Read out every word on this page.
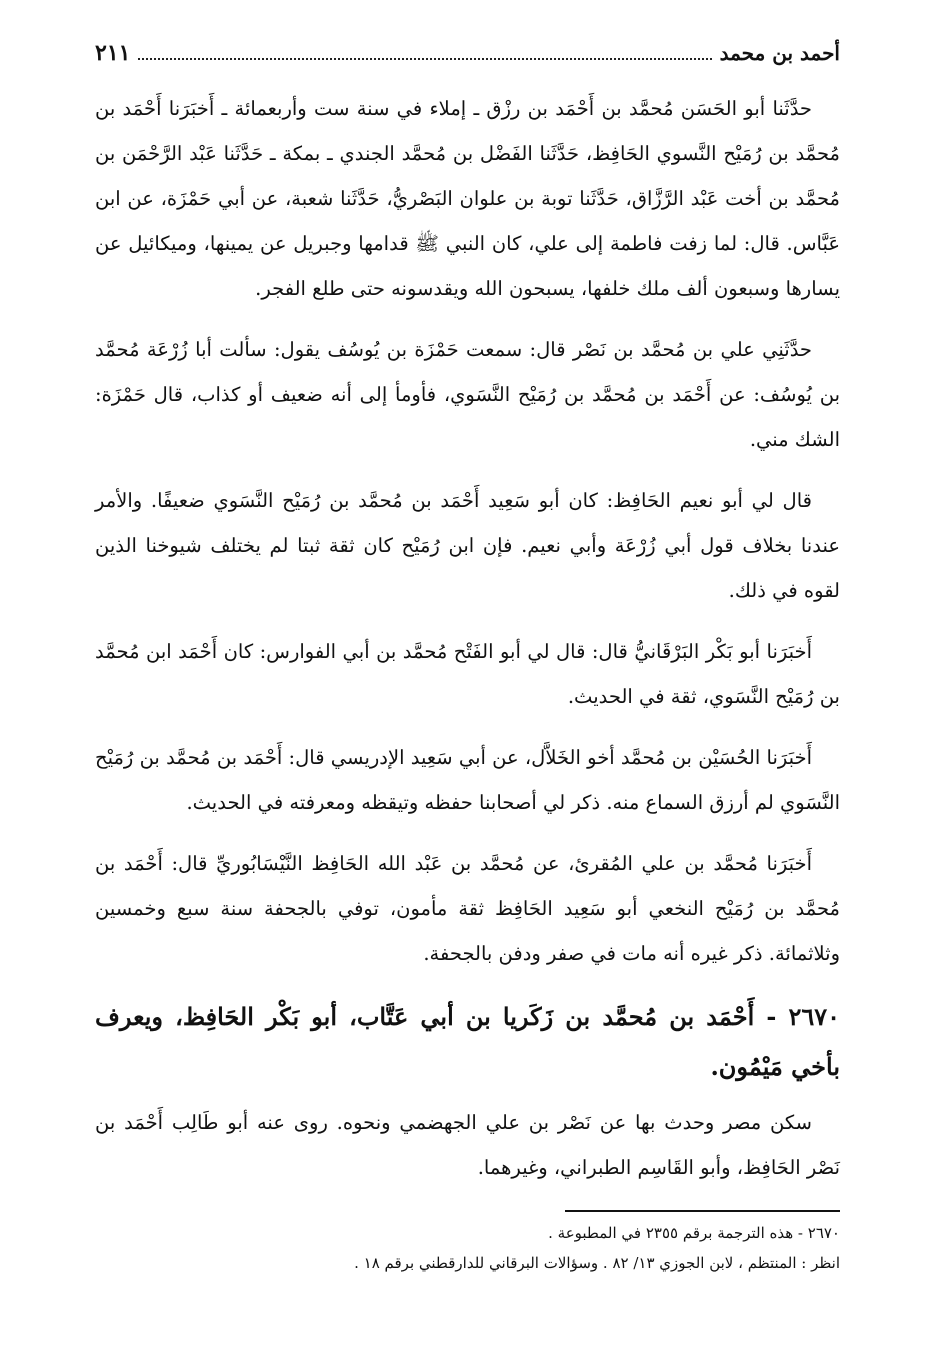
أحمد بن محمد
٢١١

حدَّثَنا أبو الحَسَن مُحمَّد بن أَحْمَد بن رزْق ـ إملاء في سنة ست وأربعمائة ـ أَخبَرَنا أَحْمَد بن مُحمَّد بن رُمَيْح النَّسوي الحَافِظ، حَدَّثَنا الفَضْل بن مُحمَّد الجندي ـ بمكة ـ حَدَّثَنا عَبْد الرَّحْمَن بن مُحمَّد بن أخت عَبْد الرَّزَّاق، حَدَّثَنا توبة بن علوان البَصْريُّ، حَدَّثَنا شعبة، عن أبي حَمْزَة، عن ابن عَبَّاس. قال: لما زفت فاطمة إلى علي، كان النبي ﷺ قدامها وجبريل عن يمينها، وميكائيل عن يسارها وسبعون ألف ملك خلفها، يسبحون الله ويقدسونه حتى طلع الفجر.

حدَّثَنِي علي بن مُحمَّد بن نَصْر قال: سمعت حَمْزَة بن يُوسُف يقول: سألت أبا زُرْعَة مُحمَّد بن يُوسُف: عن أَحْمَد بن مُحمَّد بن رُمَيْح النَّسَوي، فأومأ إلى أنه ضعيف أو كذاب، قال حَمْزَة: الشك مني.

قال لي أبو نعيم الحَافِظ: كان أبو سَعِيد أَحْمَد بن مُحمَّد بن رُمَيْح النَّسَوي ضعيفًا. والأمر عندنا بخلاف قول أبي زُرْعَة وأبي نعيم. فإن ابن رُمَيْح كان ثقة ثبتا لم يختلف شيوخنا الذين لقوه في ذلك.

أَخبَرَنا أبو بَكْر البَرْقَانيُّ قال: قال لي أبو الفَتْح مُحمَّد بن أبي الفوارس: كان أَحْمَد ابن مُحمَّد بن رُمَيْح النَّسَوي، ثقة في الحديث.

أَخبَرَنا الحُسَيْن بن مُحمَّد أخو الخَلاَّل، عن أبي سَعِيد الإدريسي قال: أَحْمَد بن مُحمَّد بن رُمَيْح النَّسَوي لم أرزق السماع منه. ذكر لي أصحابنا حفظه وتيقظه ومعرفته في الحديث.

أَخبَرَنا مُحمَّد بن علي المُقرئ، عن مُحمَّد بن عَبْد الله الحَافِظ النَّيْسَابُوريِّ قال: أَحْمَد بن مُحمَّد بن رُمَيْح النخعي أبو سَعِيد الحَافِظ ثقة مأمون، توفي بالجحفة سنة سبع وخمسين وثلاثمائة. ذكر غيره أنه مات في صفر ودفن بالجحفة.

٢٦٧٠ - أَحْمَد بن مُحمَّد بن زَكَريا بن أبي عَتَّاب، أبو بَكْر الحَافِظ، ويعرف بأخي مَيْمُون.

سكن مصر وحدث بها عن نَصْر بن علي الجهضمي ونحوه. روى عنه أبو طَالِب أَحْمَد بن نَصْر الحَافِظ، وأبو القَاسِم الطبراني، وغيرهما.

٢٦٧٠ - هذه الترجمة برقم ٢٣٥٥ في المطبوعة .

انظر : المنتظم ، لابن الجوزي ١٣/ ٨٢ . وسؤالات البرقاني للدارقطني برقم ١٨ .
